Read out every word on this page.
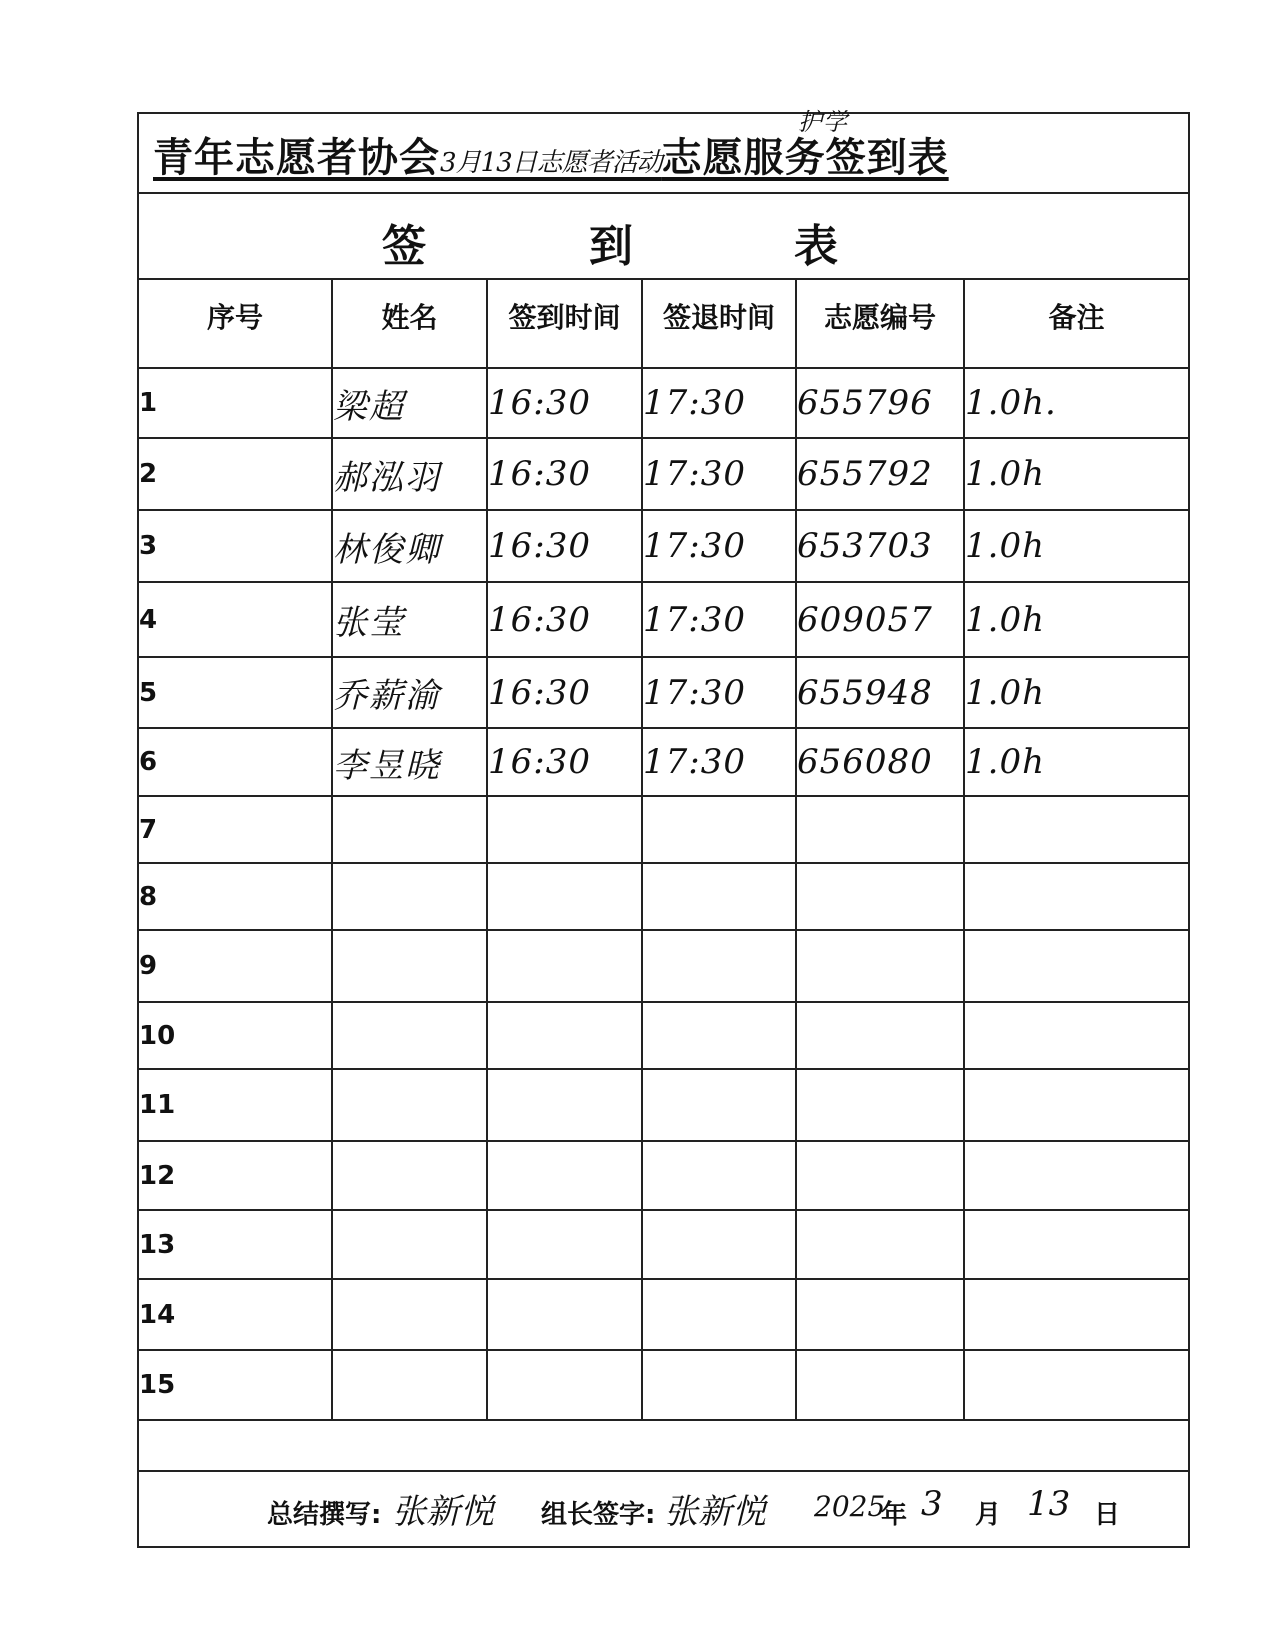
青年志愿者协会3月13日志愿者活动
护学
志愿服务签到表
签	到	表
序号	姓名	签到时间	签退时间	志愿编号	备注
1	梁超	16:30	17:30	655796	1.0h.
2	郝泓羽	16:30	17:30	655792	1.0h
3	林俊卿	16:30	17:30	653703	1.0h
4	张莹	16:30	17:30	609057	1.0h
5	乔薪渝	16:30	17:30	655948	1.0h
6	李昱晓	16:30	17:30	656080	1.0h
7					
8					
9					
10					
11					
12					
13					
14					
15					
总结撰写: 张新悦 组长签字: 张新悦 2025
年 3 月 13 日
